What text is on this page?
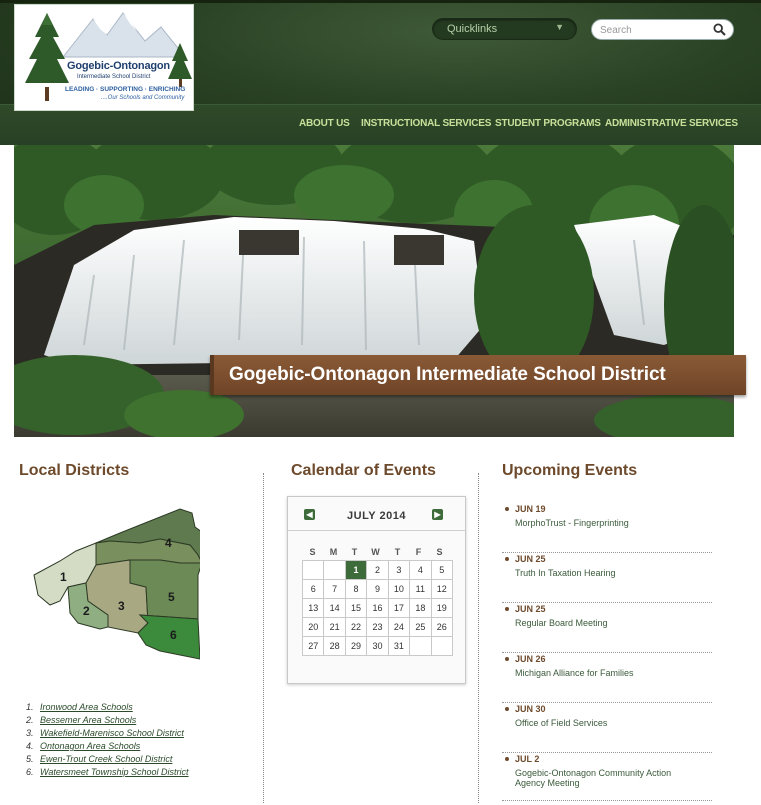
Gogebic-Ontonagon
Intermediate School District
LEADING · SUPPORTING · ENRICHING
....Our Schools and Community
Quicklinks	▼
Search
ABOUT US INSTRUCTIONAL SERVICES STUDENT PROGRAMS ADMINISTRATIVE SERVICES
Gogebic-Ontonagon Intermediate School District
Local Districts
1
2 3
4
5
6
1. Ironwood Area Schools
2. Bessemer Area Schools
3. Wakefield-Marenisco School District
4. Ontonagon Area Schools
5. Ewen-Trout Creek School District
6. Watersmeet Township School District
Calendar of Events
◀	JULY 2014	▶
S	M	T	W	T	F	S
		1	2	3	4	5
6	7	8	9	10	11	12
13	14	15	16	17	18	19
20	21	22	23	24	25	26
27	28	29	30	31		
Upcoming Events
JUN 19
MorphoTrust - Fingerprinting
JUN 25
Truth In Taxation Hearing
JUN 25
Regular Board Meeting
JUN 26
Michigan Alliance for Families
JUN 30
Office of Field Services
JUL 2
Gogebic-Ontonagon Community Action Agency Meeting
